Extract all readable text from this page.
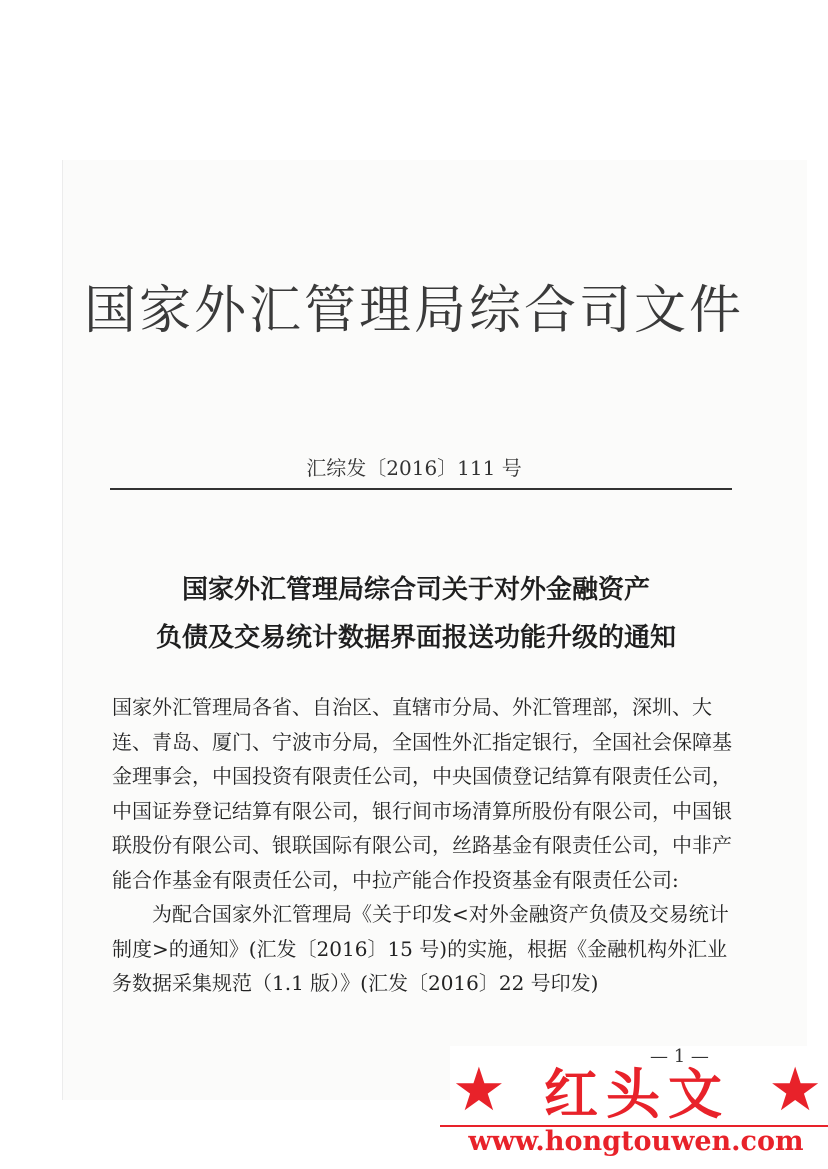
国家外汇管理局综合司文件
汇综发〔2016〕111 号
国家外汇管理局综合司关于对外金融资产
负债及交易统计数据界面报送功能升级的通知

国家外汇管理局各省、自治区、直辖市分局、外汇管理部，深圳、大连、青岛、厦门、宁波市分局，全国性外汇指定银行，全国社会保障基金理事会，中国投资有限责任公司，中央国债登记结算有限责任公司，中国证券登记结算有限公司，银行间市场清算所股份有限公司，中国银联股份有限公司、银联国际有限公司，丝路基金有限责任公司，中非产能合作基金有限责任公司，中拉产能合作投资基金有限责任公司:

为配合国家外汇管理局《关于印发<对外金融资产负债及交易统计制度>的通知》(汇发〔2016〕15 号)的实施，根据《金融机构外汇业务数据采集规范（1.1 版）》(汇发〔2016〕22 号印发)

— 1 —
★ 红头文 ★
www.hongtouwen.com
